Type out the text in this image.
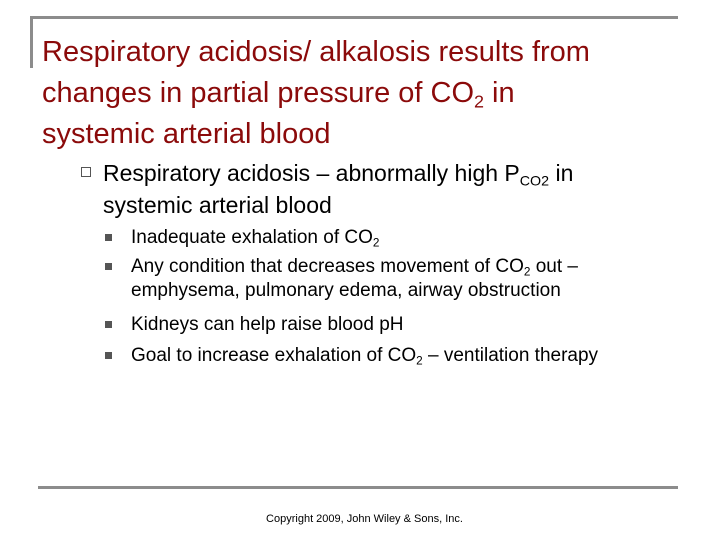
Respiratory acidosis/ alkalosis results from
changes in partial pressure of $CO_2$ in
systemic arterial blood
Respiratory acidosis – abnormally high $P_{CO2}$ in
systemic arterial blood
Inadequate exhalation of $CO_2$
Any condition that decreases movement of $CO_2$ out –
emphysema, pulmonary edema, airway obstruction
Kidneys can help raise blood pH
Goal to increase exhalation of $CO_2$ – ventilation therapy
Copyright 2009, John Wiley & Sons, Inc.
